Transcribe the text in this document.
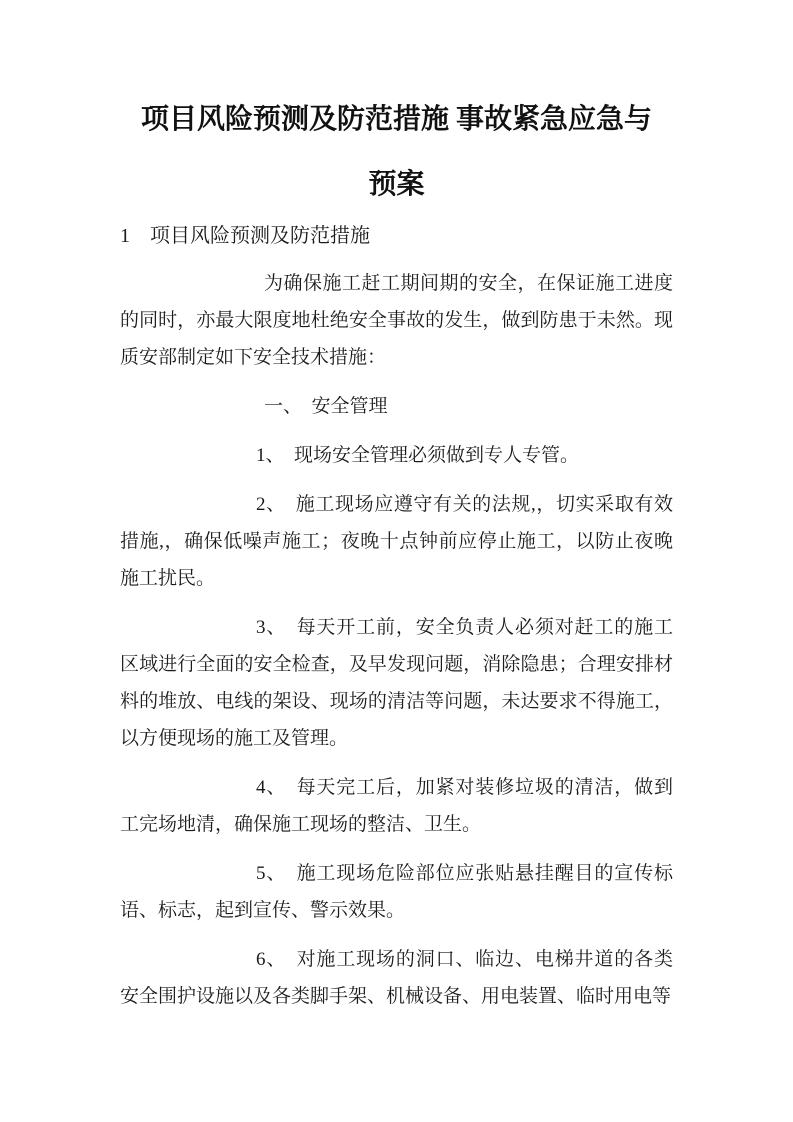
项目风险预测及防范措施 事故紧急应急与
预案
1　项目风险预测及防范措施

为确保施工赶工期间期的安全，在保证施工进度的同时，亦最大限度地杜绝安全事故的发生，做到防患于未然。现质安部制定如下安全技术措施：

一、　安全管理

1、　现场安全管理必须做到专人专管。

2、　施工现场应遵守有关的法规,，切实采取有效措施,，确保低噪声施工；夜晚十点钟前应停止施工，以防止夜晚施工扰民。

3、　每天开工前，安全负责人必须对赶工的施工区域进行全面的安全检查，及早发现问题，消除隐患；合理安排材料的堆放、电线的架设、现场的清洁等问题，未达要求不得施工，以方便现场的施工及管理。

4、　每天完工后，加紧对装修垃圾的清洁，做到工完场地清，确保施工现场的整洁、卫生。

5、　施工现场危险部位应张贴悬挂醒目的宣传标语、标志，起到宣传、警示效果。

6、　对施工现场的洞口、临边、电梯井道的各类安全围护设施以及各类脚手架、机械设备、用电装置、临时用电等
